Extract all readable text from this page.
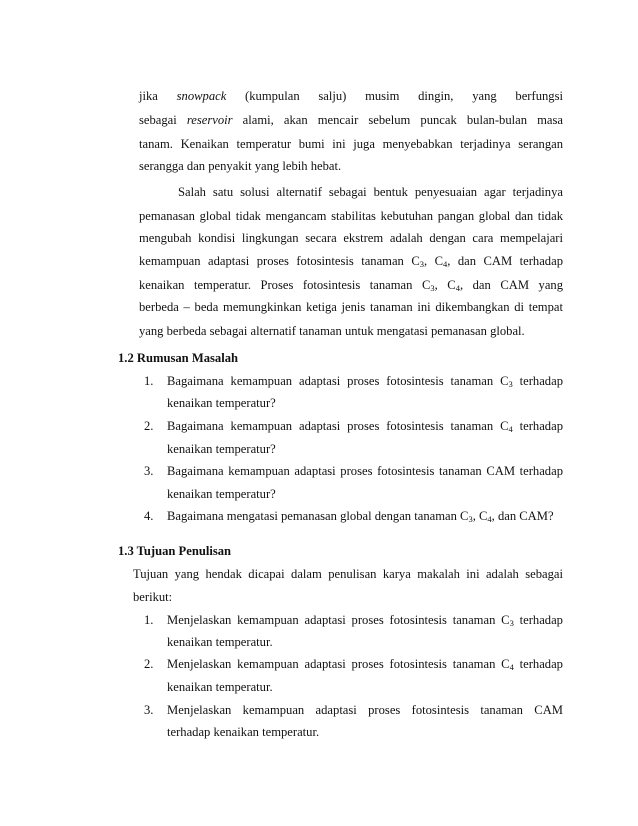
jika snowpack (kumpulan salju) musim dingin, yang berfungsi
sebagai reservoir alami, akan mencair sebelum puncak bulan-bulan masa
tanam. Kenaikan temperatur bumi ini juga menyebabkan terjadinya serangan
serangga dan penyakit yang lebih hebat.
Salah satu solusi alternatif sebagai bentuk penyesuaian agar terjadinya
pemanasan global tidak mengancam stabilitas kebutuhan pangan global dan tidak
mengubah kondisi lingkungan secara ekstrem adalah dengan cara mempelajari
kemampuan adaptasi proses fotosintesis tanaman $C_3$, $C_4$, dan CAM terhadap
kenaikan temperatur. Proses fotosintesis tanaman $C_3$, $C_4$, dan CAM yang
berbeda – beda memungkinkan ketiga jenis tanaman ini dikembangkan di tempat
yang berbeda sebagai alternatif tanaman untuk mengatasi pemanasan global.
1.2 Rumusan Masalah
1. Bagaimana kemampuan adaptasi proses fotosintesis tanaman $C_3$ terhadap
kenaikan temperatur?
2. Bagaimana kemampuan adaptasi proses fotosintesis tanaman $C_4$ terhadap
kenaikan temperatur?
3. Bagaimana kemampuan adaptasi proses fotosintesis tanaman CAM terhadap
kenaikan temperatur?
4. Bagaimana mengatasi pemanasan global dengan tanaman $C_3$, $C_4$, dan CAM?
1.3 Tujuan Penulisan
Tujuan yang hendak dicapai dalam penulisan karya makalah ini adalah sebagai
berikut:
1. Menjelaskan kemampuan adaptasi proses fotosintesis tanaman $C_3$ terhadap
kenaikan temperatur.
2. Menjelaskan kemampuan adaptasi proses fotosintesis tanaman $C_4$ terhadap
kenaikan temperatur.
3. Menjelaskan kemampuan adaptasi proses fotosintesis tanaman CAM
terhadap kenaikan temperatur.
